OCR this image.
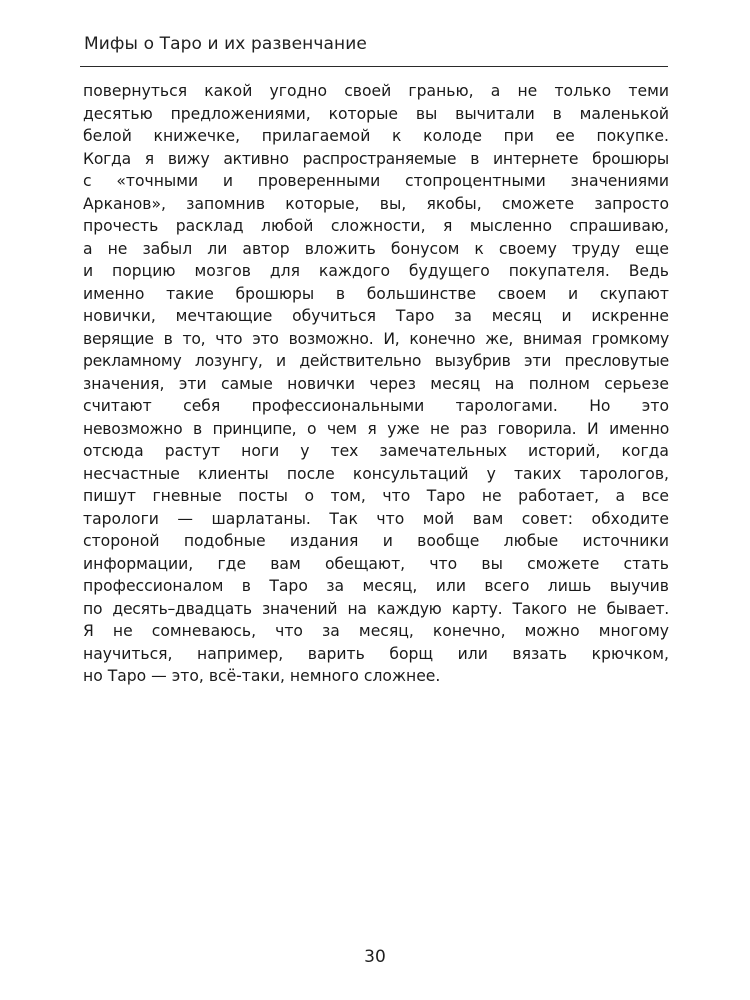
Мифы о Таро и их развенчание
повернуться какой угодно своей гранью, а не только теми
десятью предложениями, которые вы вычитали в маленькой
белой книжечке, прилагаемой к колоде при ее покупке.
Когда я вижу активно распространяемые в интернете брошюры
с «точными и проверенными стопроцентными значениями
Арканов», запомнив которые, вы, якобы, сможете запросто
прочесть расклад любой сложности, я мысленно спрашиваю,
а не забыл ли автор вложить бонусом к своему труду еще
и порцию мозгов для каждого будущего покупателя. Ведь
именно такие брошюры в большинстве своем и скупают
новички, мечтающие обучиться Таро за месяц и искренне
верящие в то, что это возможно. И, конечно же, внимая громкому
рекламному лозунгу, и действительно вызубрив эти пресловутые
значения, эти самые новички через месяц на полном серьезе
считают себя профессиональными тарологами. Но это
невозможно в принципе, о чем я уже не раз говорила. И именно
отсюда растут ноги у тех замечательных историй, когда
несчастные клиенты после консультаций у таких тарологов,
пишут гневные посты о том, что Таро не работает, а все
тарологи — шарлатаны. Так что мой вам совет: обходите
стороной подобные издания и вообще любые источники
информации, где вам обещают, что вы сможете стать
профессионалом в Таро за месяц, или всего лишь выучив
по десять–двадцать значений на каждую карту. Такого не бывает.
Я не сомневаюсь, что за месяц, конечно, можно многому
научиться, например, варить борщ или вязать крючком,
но Таро — это, всё-таки, немного сложнее.
30
